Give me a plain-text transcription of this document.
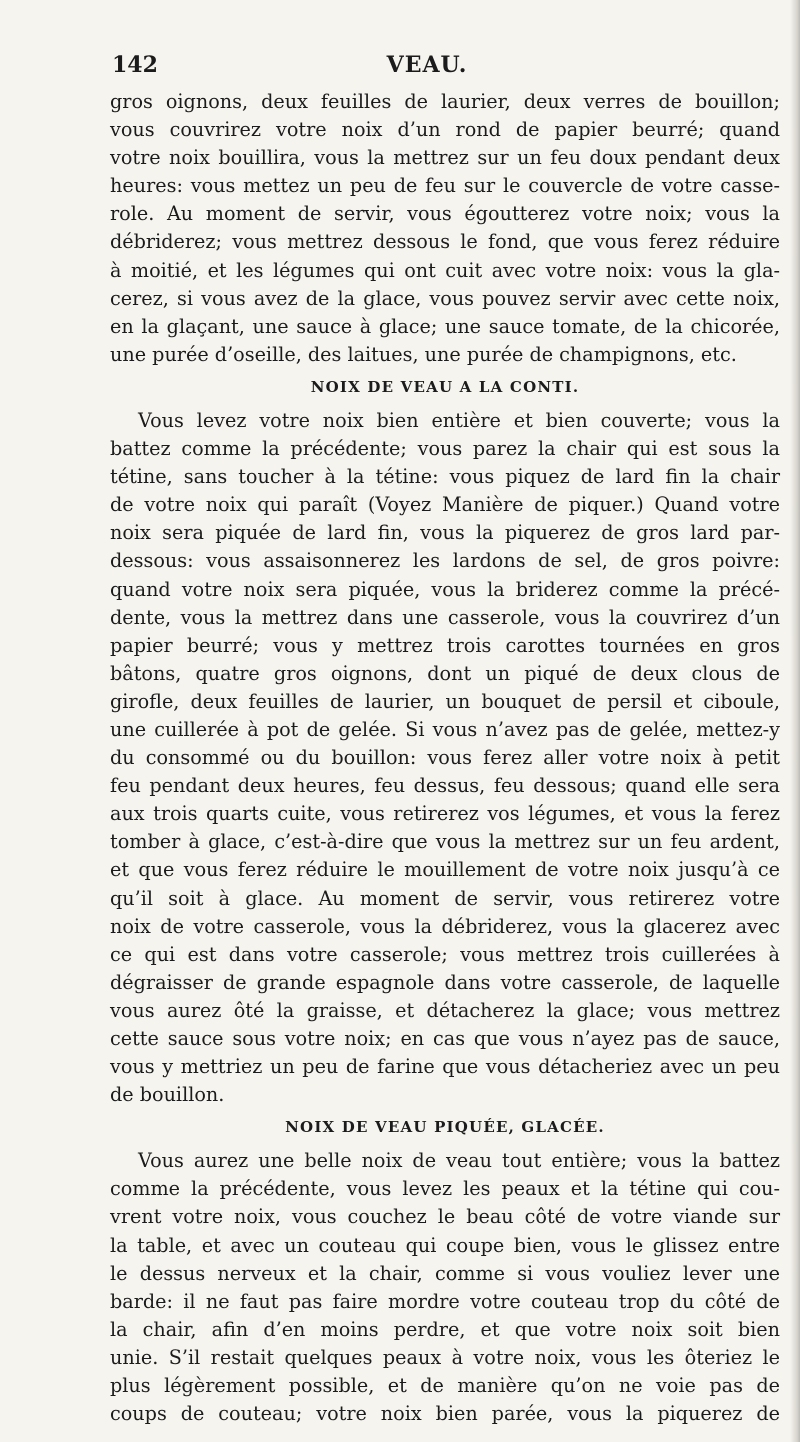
142	VEAU.
gros oignons, deux feuilles de laurier, deux verres de bouillon;
vous couvrirez votre noix d’un rond de papier beurré; quand
votre noix bouillira, vous la mettrez sur un feu doux pendant deux
heures: vous mettez un peu de feu sur le couvercle de votre casse-
role. Au moment de servir, vous égoutterez votre noix; vous la
débriderez; vous mettrez dessous le fond, que vous ferez réduire
à moitié, et les légumes qui ont cuit avec votre noix: vous la gla-
cerez, si vous avez de la glace, vous pouvez servir avec cette noix,
en la glaçant, une sauce à glace; une sauce tomate, de la chicorée,
une purée d’oseille, des laitues, une purée de champignons, etc.
NOIX DE VEAU A LA CONTI.
Vous levez votre noix bien entière et bien couverte; vous la
battez comme la précédente; vous parez la chair qui est sous la
tétine, sans toucher à la tétine: vous piquez de lard fin la chair
de votre noix qui paraît (Voyez Manière de piquer.) Quand votre
noix sera piquée de lard fin, vous la piquerez de gros lard par-
dessous: vous assaisonnerez les lardons de sel, de gros poivre:
quand votre noix sera piquée, vous la briderez comme la précé-
dente, vous la mettrez dans une casserole, vous la couvrirez d’un
papier beurré; vous y mettrez trois carottes tournées en gros
bâtons, quatre gros oignons, dont un piqué de deux clous de
girofle, deux feuilles de laurier, un bouquet de persil et ciboule,
une cuillerée à pot de gelée. Si vous n’avez pas de gelée, mettez-y
du consommé ou du bouillon: vous ferez aller votre noix à petit
feu pendant deux heures, feu dessus, feu dessous; quand elle sera
aux trois quarts cuite, vous retirerez vos légumes, et vous la ferez
tomber à glace, c’est-à-dire que vous la mettrez sur un feu ardent,
et que vous ferez réduire le mouillement de votre noix jusqu’à ce
qu’il soit à glace. Au moment de servir, vous retirerez votre
noix de votre casserole, vous la débriderez, vous la glacerez avec
ce qui est dans votre casserole; vous mettrez trois cuillerées à
dégraisser de grande espagnole dans votre casserole, de laquelle
vous aurez ôté la graisse, et détacherez la glace; vous mettrez
cette sauce sous votre noix; en cas que vous n’ayez pas de sauce,
vous y mettriez un peu de farine que vous détacheriez avec un peu
de bouillon.
NOIX DE VEAU PIQUÉE, GLACÉE.
Vous aurez une belle noix de veau tout entière; vous la battez
comme la précédente, vous levez les peaux et la tétine qui cou-
vrent votre noix, vous couchez le beau côté de votre viande sur
la table, et avec un couteau qui coupe bien, vous le glissez entre
le dessus nerveux et la chair, comme si vous vouliez lever une
barde: il ne faut pas faire mordre votre couteau trop du côté de
la chair, afin d’en moins perdre, et que votre noix soit bien
unie. S’il restait quelques peaux à votre noix, vous les ôteriez le
plus légèrement possible, et de manière qu’on ne voie pas de
coups de couteau; votre noix bien parée, vous la piquerez de
